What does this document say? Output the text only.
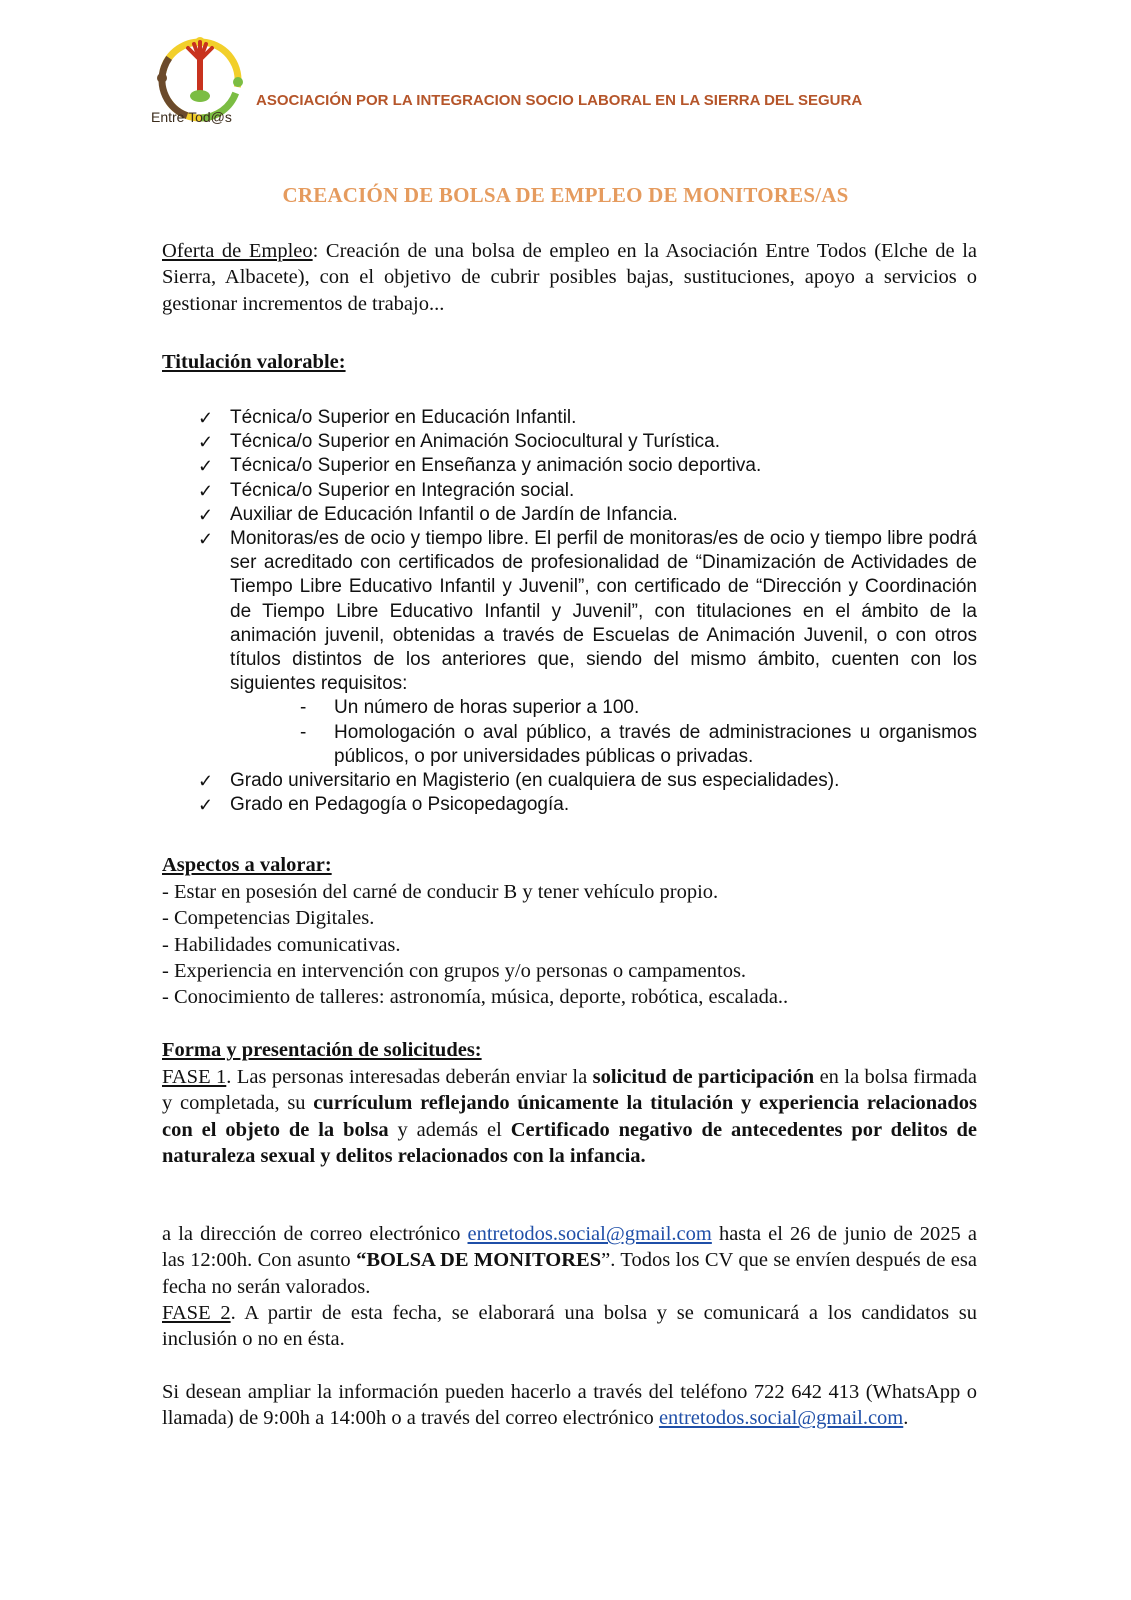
Entre Tod@s
ASOCIACIÓN POR LA INTEGRACION SOCIO LABORAL EN LA SIERRA DEL SEGURA
CREACIÓN DE BOLSA DE EMPLEO DE MONITORES/AS
Oferta de Empleo: Creación de una bolsa de empleo en la Asociación Entre Todos (Elche de la Sierra, Albacete), con el objetivo de cubrir posibles bajas, sustituciones, apoyo a servicios o gestionar incrementos de trabajo...
Titulación valorable:
✓ Técnica/o Superior en Educación Infantil.
✓ Técnica/o Superior en Animación Sociocultural y Turística.
✓ Técnica/o Superior en Enseñanza y animación socio deportiva.
✓ Técnica/o Superior en Integración social.
✓ Auxiliar de Educación Infantil o de Jardín de Infancia.
✓ Monitoras/es de ocio y tiempo libre. El perfil de monitoras/es de ocio y tiempo libre podrá ser acreditado con certificados de profesionalidad de “Dinamización de Actividades de Tiempo Libre Educativo Infantil y Juvenil”, con certificado de “Dirección y Coordinación de Tiempo Libre Educativo Infantil y Juvenil”, con titulaciones en el ámbito de la animación juvenil, obtenidas a través de Escuelas de Animación Juvenil, o con otros títulos distintos de los anteriores que, siendo del mismo ámbito, cuenten con los siguientes requisitos:
- Un número de horas superior a 100.
- Homologación o aval público, a través de administraciones u organismos públicos, o por universidades públicas o privadas.
✓ Grado universitario en Magisterio (en cualquiera de sus especialidades).
✓ Grado en Pedagogía o Psicopedagogía.
Aspectos a valorar:
- Estar en posesión del carné de conducir B y tener vehículo propio.
- Competencias Digitales.
- Habilidades comunicativas.
- Experiencia en intervención con grupos y/o personas o campamentos.
- Conocimiento de talleres: astronomía, música, deporte, robótica, escalada..
Forma y presentación de solicitudes:
FASE 1. Las personas interesadas deberán enviar la solicitud de participación en la bolsa firmada y completada, su currículum reflejando únicamente la titulación y experiencia relacionados con el objeto de la bolsa y además el Certificado negativo de antecedentes por delitos de naturaleza sexual y delitos relacionados con la infancia.
a la dirección de correo electrónico entretodos.social@gmail.com hasta el 26 de junio de 2025 a las 12:00h. Con asunto “BOLSA DE MONITORES”. Todos los CV que se envíen después de esa fecha no serán valorados.
FASE 2. A partir de esta fecha, se elaborará una bolsa y se comunicará a los candidatos su inclusión o no en ésta.
Si desean ampliar la información pueden hacerlo a través del teléfono 722 642 413 (WhatsApp o llamada) de 9:00h a 14:00h o a través del correo electrónico entretodos.social@gmail.com.
